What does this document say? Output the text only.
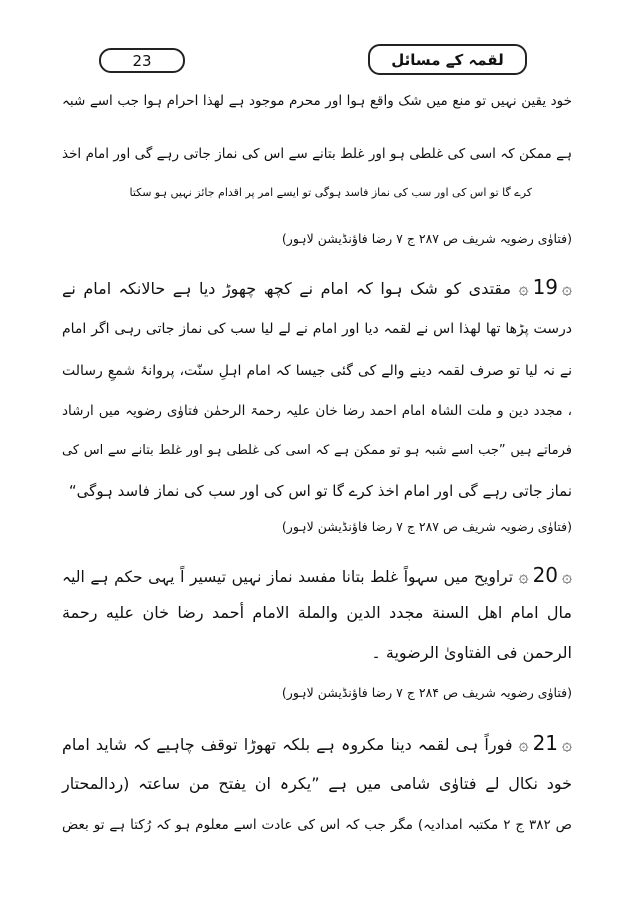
23	لقمہ کے مسائل
خود یقین نہیں تو منع میں شک واقع ہوا اور محرم موجود ہے لھذا احرام ہوا جب اسے شبہ
ہے ممکن کہ اسی کی غلطی ہو اور غلط بتانے سے اس کی نماز جاتی رہے گی اور امام اخذ
کرے گا تو اس کی اور سب کی نماز فاسد ہوگی تو ایسے امر پر اقدام جائز نہیں ہو سکتا
(فتاوٰی رضویہ شریف ص ۲۸۷ ج ۷ رضا فاؤنڈیشن لاہور)
۞19۞ مقتدی کو شک ہوا کہ امام نے کچھ چھوڑ دیا ہے حالانکہ امام نے
درست پڑھا تھا لھذا اس نے لقمہ دیا اور امام نے لے لیا سب کی نماز جاتی رہی اگر امام
نے نہ لیا تو صرف لقمہ دینے والے کی گئی جیسا کہ امام اہلِ سنّت، پروانۂ شمعِ رسالت
، مجدد دین و ملت الشاہ امام احمد رضا خان علیہ رحمۃ الرحمٰن فتاوٰی رضویہ میں ارشاد
فرماتے ہیں ”جب اسے شبہ ہو تو ممکن ہے کہ اسی کی غلطی ہو اور غلط بتانے سے اس کی
نماز جاتی رہے گی اور امام اخذ کرے گا تو اس کی اور سب کی نماز فاسد ہوگی“
(فتاوٰی رضویہ شریف ص ۲۸۷ ج ۷ رضا فاؤنڈیشن لاہور)
۞20۞ تراویح میں سہواً غلط بتانا مفسد نماز نہیں تیسیر اً یہی حکم ہے الیہ
مال امام اهل السنة مجدد الدين والملة الامام أحمد رضا خان عليه رحمة
الرحمن فى الفتاوىٰ الرضوية ۔
(فتاوٰی رضویہ شریف ص ۲۸۴ ج ۷ رضا فاؤنڈیشن لاہور)
۞21۞ فوراً ہی لقمہ دینا مکروہ ہے بلکہ تھوڑا توقف چاہیے کہ شاید امام
خود نکال لے فتاوٰی شامی میں ہے ”یکرہ ان یفتح من ساعتہ (ردالمحتار
ص ۳۸۲ ج ۲ مکتبہ امدادیہ) مگر جب کہ اس کی عادت اسے معلوم ہو کہ رُکتا ہے تو بعض
